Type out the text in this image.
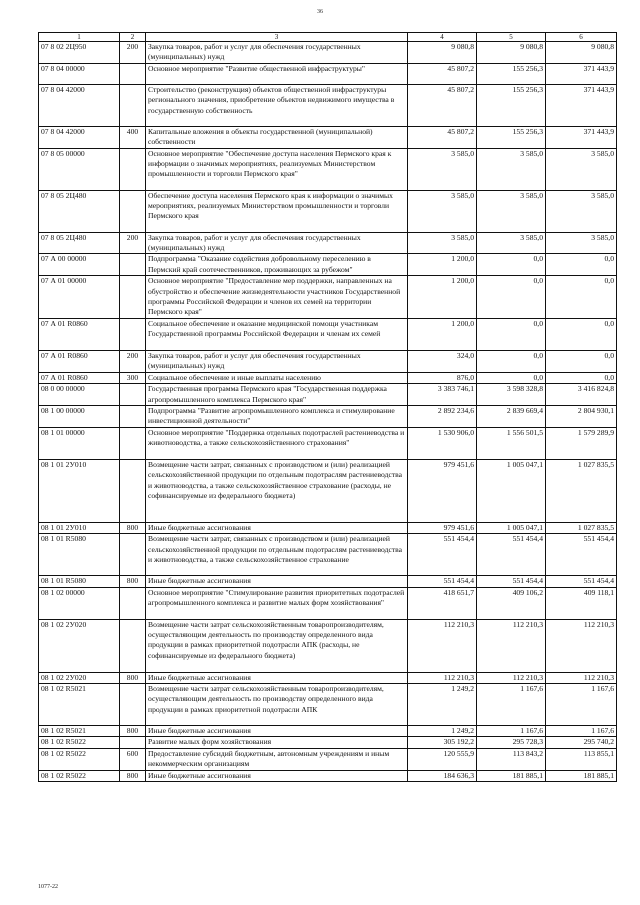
36
1	2	3	4	5	6
07 8 02 2Ц950	200	Закупка товаров, работ и услуг для обеспечения государственных (муниципальных) нужд	9 080,8	9 080,8	9 080,8
07 8 04 00000		Основное мероприятие "Развитие общественной инфраструктуры"	45 807,2	155 256,3	371 443,9
07 8 04 42000		Строительство (реконструкция) объектов общественной инфраструктуры регионального значения, приобретение объектов недвижимого имущества в государственную собственность	45 807,2	155 256,3	371 443,9
07 8 04 42000	400	Капитальные вложения в объекты государственной (муниципальной) собственности	45 807,2	155 256,3	371 443,9
07 8 05 00000		Основное мероприятие "Обеспечение доступа населения Пермского края к информации о значимых мероприятиях, реализуемых Министерством промышленности и торговли Пермского края"	3 585,0	3 585,0	3 585,0
07 8 05 2Ц480		Обеспечение доступа населения Пермского края к информации о значимых мероприятиях, реализуемых Министерством промышленности и торговли Пермского края	3 585,0	3 585,0	3 585,0
07 8 05 2Ц480	200	Закупка товаров, работ и услуг для обеспечения государственных (муниципальных) нужд	3 585,0	3 585,0	3 585,0
07 А 00 00000		Подпрограмма "Оказание содействия добровольному переселению в Пермский край соотечественников, проживающих за рубежом"	1 200,0	0,0	0,0
07 А 01 00000		Основное мероприятие "Предоставление мер поддержки, направленных на обустройство и обеспечение жизнедеятельности участников Государственной программы Российской Федерации и членов их семей на территории Пермского края"	1 200,0	0,0	0,0
07 А 01 R0860		Социальное обеспечение и оказание медицинской помощи участникам Государственной программы Российской Федерации и членам их семей	1 200,0	0,0	0,0
07 А 01 R0860	200	Закупка товаров, работ и услуг для обеспечения государственных (муниципальных) нужд	324,0	0,0	0,0
07 А 01 R0860	300	Социальное обеспечение и иные выплаты населению	876,0	0,0	0,0
08 0 00 00000		Государственная программа Пермского края "Государственная поддержка агропромышленного комплекса Пермского края"	3 383 746,1	3 598 328,8	3 416 824,8
08 1 00 00000		Подпрограмма "Развитие агропромышленного комплекса и стимулирование инвестиционной деятельности"	2 892 234,6	2 839 669,4	2 804 930,1
08 1 01 00000		Основное мероприятие "Поддержка отдельных подотраслей растениеводства и животноводства, а также сельскохозяйственного страхования"	1 530 906,0	1 556 501,5	1 579 289,9
08 1 01 2У010		Возмещение части затрат, связанных с производством и (или) реализацией сельскохозяйственной продукции по отдельным подотраслям растениеводства и животноводства, а также сельскохозяйственное страхование (расходы, не софинансируемые из федерального бюджета)	979 451,6	1 005 047,1	1 027 835,5
08 1 01 2У010	800	Иные бюджетные ассигнования	979 451,6	1 005 047,1	1 027 835,5
08 1 01 R5080		Возмещение части затрат, связанных с производством и (или) реализацией сельскохозяйственной продукции по отдельным подотраслям растениеводства и животноводства, а также сельскохозяйственное страхование	551 454,4	551 454,4	551 454,4
08 1 01 R5080	800	Иные бюджетные ассигнования	551 454,4	551 454,4	551 454,4
08 1 02 00000		Основное мероприятие "Стимулирование развития приоритетных подотраслей агропромышленного комплекса и развитие малых форм хозяйствования"	418 651,7	409 106,2	409 118,1
08 1 02 2У020		Возмещение части затрат сельскохозяйственным товаропроизводителям, осуществляющим деятельность по производству определенного вида продукции в рамках приоритетной подотрасли АПК (расходы, не софинансируемые из федерального бюджета)	112 210,3	112 210,3	112 210,3
08 1 02 2У020	800	Иные бюджетные ассигнования	112 210,3	112 210,3	112 210,3
08 1 02 R5021		Возмещение части затрат сельскохозяйственным товаропроизводителям, осуществляющим деятельность по производству определенного вида продукции в рамках приоритетной подотрасли АПК	1 249,2	1 167,6	1 167,6
08 1 02 R5021	800	Иные бюджетные ассигнования	1 249,2	1 167,6	1 167,6
08 1 02 R5022		Развитие малых форм хозяйствования	305 192,2	295 728,3	295 740,2
08 1 02 R5022	600	Предоставление субсидий бюджетным, автономным учреждениям и иным некоммерческим организациям	120 555,9	113 843,2	113 855,1
08 1 02 R5022	800	Иные бюджетные ассигнования	184 636,3	181 885,1	181 885,1
1077-22
